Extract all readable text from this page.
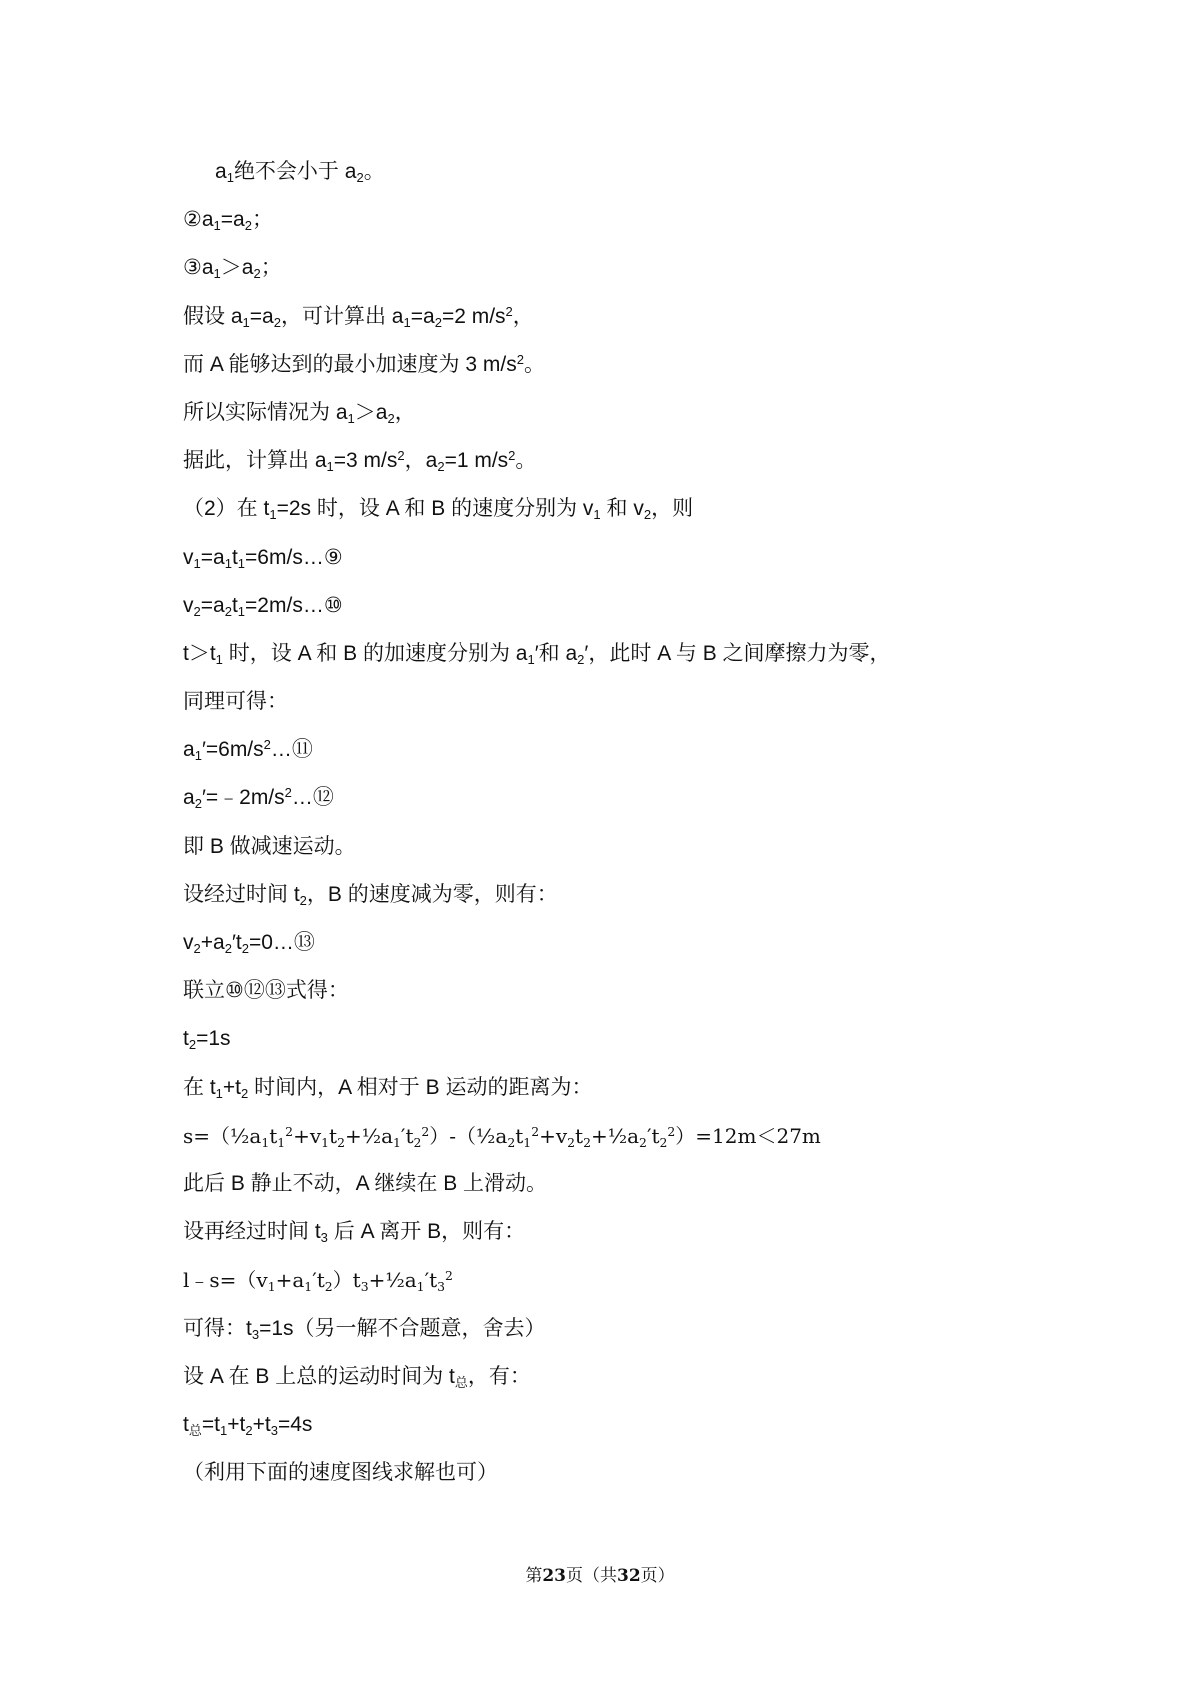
$a_1$绝不会小于 $a_2$。
$②a_1=a_2$；
$③a_1>a_2$；
假设 $a_1=a_2$，可计算出 $a_1=a_2=2$ $m/s^2$，
而 A 能够达到的最小加速度为 3 $m/s^2$。
所以实际情况为 $a_1>a_2$，
据此，计算出 $a_1=3$ $m/s^2$，$a_2=1$ $m/s^2$。
（2）在 $t_1=2s$ 时，设 A 和 B 的速度分别为 $v_1$ 和 $v_2$，则
$v_1=a_1t_1=6m/s\dots ⑨$
$v_2=a_2t_1=2m/s\dots ⑩$
$t>t_1$ 时，设 A 和 B 的加速度分别为 $a_1'$和 $a_2'$，此时 A 与 B 之间摩擦力为零，
同理可得：
$a_1'=6m/s^2\dots ⑪$
$a_2'=﹣2m/s^2\dots ⑫$
即 B 做减速运动。
设经过时间 $t_2$，B 的速度减为零，则有：
$v_2+a_2't_2=0\dots ⑬$
联立⑩⑫⑬式得：
$t_2=1s$
在 $t_1+t_2$ 时间内，A 相对于 B 运动的距离为：
$s=(\frac{1}{2}a_1t_1^2+v_1t_2+\frac{1}{2}a_1't_2^2)-(\frac{1}{2}a_2t_1^2+v_2t_2+\frac{1}{2}a_2't_2^2)=12m<27m$
此后 B 静止不动，A 继续在 B 上滑动。
设再经过时间 $t_3$ 后 A 离开 B，则有：
$l﹣s=(v_1+a_1't_2)t_3+\frac{1}{2}a_1't_3^2$
可得：$t_3=1s$（另一解不合题意，舍去）
设 A 在 B 上总的运动时间为 $t_总$，有：
$t_总=t_1+t_2+t_3=4s$
（利用下面的速度图线求解也可）
第23页（共32页）
